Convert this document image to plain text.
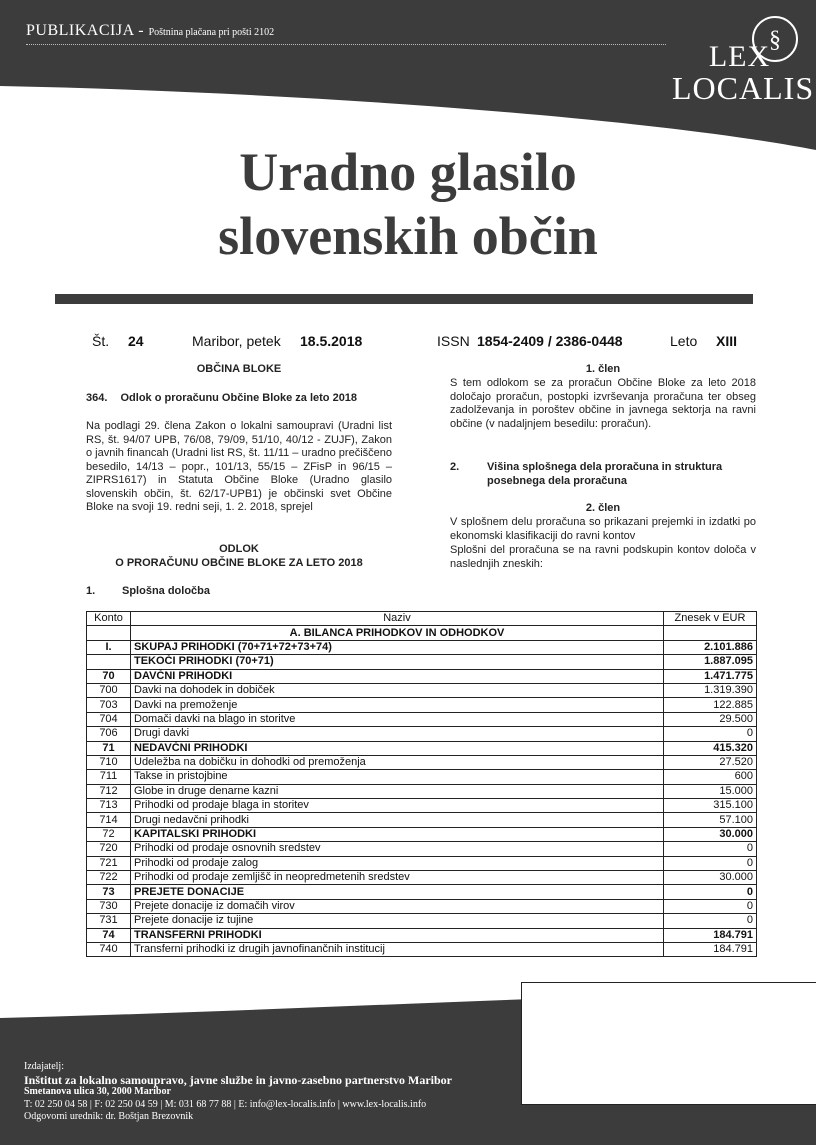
PUBLIKACIJA - Poštnina plačana pri pošti 2102	§
LEX
LOCALIS
Uradno glasilo
slovenskih občin
Št. 24	Maribor, petek 18.5.2018	ISSN 1854-2409 / 2386-0448	Leto XIII
OBČINA BLOKE
364. Odlok o proračunu Občine Bloke za leto 2018
Na podlagi 29. člena Zakon o lokalni samoupravi (Uradni list RS, št. 94/07 UPB, 76/08, 79/09, 51/10, 40/12 - ZUJF), Zakon o javnih financah (Uradni list RS, št. 11/11 – uradno prečiščeno besedilo, 14/13 – popr., 101/13, 55/15 – ZFisP in 96/15 – ZIPRS1617) in Statuta Občine Bloke (Uradno glasilo slovenskih občin, št. 62/17-UPB1) je občinski svet Občine Bloke na svoji 19. redni seji, 1. 2. 2018, sprejel
ODLOK
O PRORAČUNU OBČINE BLOKE ZA LETO 2018
1. Splošna določba
1. člen
S tem odlokom se za proračun Občine Bloke za leto 2018 določajo proračun, postopki izvrševanja proračuna ter obseg zadolževanja in poroštev občine in javnega sektorja na ravni občine (v nadaljnjem besedilu: proračun).
2.	Višina splošnega dela proračuna in struktura posebnega dela proračuna
2. člen
V splošnem delu proračuna so prikazani prejemki in izdatki po ekonomski klasifikaciji do ravni kontov
Splošni del proračuna se na ravni podskupin kontov določa v naslednjih zneskih:
Konto	Naziv	Znesek v EUR
	A. BILANCA PRIHODKOV IN ODHODKOV	
I.	SKUPAJ PRIHODKI (70+71+72+73+74)	2.101.886
	TEKOČI PRIHODKI (70+71)	1.887.095
70	DAVČNI PRIHODKI	1.471.775
700	Davki na dohodek in dobiček	1.319.390
703	Davki na premoženje	122.885
704	Domači davki na blago in storitve	29.500
706	Drugi davki	0
71	NEDAVČNI PRIHODKI	415.320
710	Udeležba na dobičku in dohodki od premoženja	27.520
711	Takse in pristojbine	600
712	Globe in druge denarne kazni	15.000
713	Prihodki od prodaje blaga in storitev	315.100
714	Drugi nedavčni prihodki	57.100
72	KAPITALSKI PRIHODKI	30.000
720	Prihodki od prodaje osnovnih sredstev	0
721	Prihodki od prodaje zalog	0
722	Prihodki od prodaje zemljišč in neopredmetenih sredstev	30.000
73	PREJETE DONACIJE	0
730	Prejete donacije iz domačih virov	0
731	Prejete donacije iz tujine	0
74	TRANSFERNI PRIHODKI	184.791
740	Transferni prihodki iz drugih javnofinančnih institucij	184.791
Izdajatelj:
Inštitut za lokalno samoupravo, javne službe in javno-zasebno partnerstvo Maribor
Smetanova ulica 30, 2000 Maribor
T: 02 250 04 58 | F: 02 250 04 59 | M: 031 68 77 88 | E: info@lex-localis.info | www.lex-localis.info
Odgovorni urednik: dr. Boštjan Brezovnik
